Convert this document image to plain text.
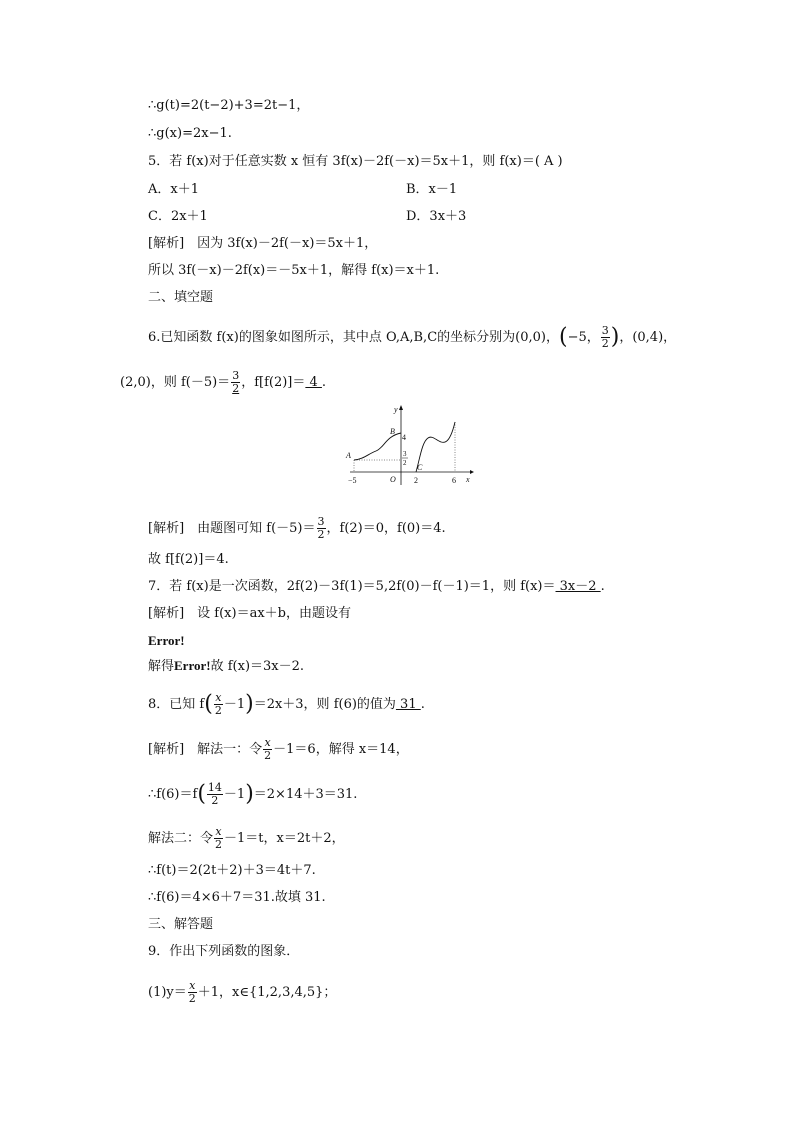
∴g(t)=2(t−2)+3=2t−1，
∴g(x)=2x−1.
5．若 f(x)对于任意实数 x 恒有 3f(x)－2f(－x)＝5x＋1，则 f(x)＝( A )
A．x＋1	B．x－1
C．2x＋1	D．3x＋3
[解析]　因为 3f(x)－2f(－x)＝5x＋1，
所以 3f(－x)－2f(x)＝－5x＋1，解得 f(x)＝x＋1.
二、填空题
6.已知函数 f(x)的图象如图所示，其中点 O,A,B,C的坐标分别为(0,0)，(−5， $\frac{3}{2}$ )，(0,4)，
(2,0)，则 $f(-5)= \frac{3}{2}$ ，f[f(2)]＝ 4 .
x
y
A
B
C
O
−5	2	6
4
3
2
[解析]　由题图可知 $f(-5)= \frac{3}{2}$ ，f(2)＝0，f(0)＝4.
故 f[f(2)]＝4.
7．若 f(x)是一次函数，2f(2)－3f(1)＝5,2f(0)－f(－1)＝1，则 f(x)＝ 3x－2 .
[解析]　设 f(x)＝ax＋b，由题设有
Error!
解得Error!故 f(x)＝3x－2.
8．已知 $f( \frac{x}{2} -1)=2x+3$，则 f(6)的值为 31 .
[解析]　解法一：令 $\frac{x}{2} -1=6$，解得 x＝14，
∴f(6)＝f( $\frac{14}{2} -1)=2\times 14+3=31$.
解法二：令 $\frac{x}{2} -1=t$，x＝2t＋2，
∴f(t)＝2(2t＋2)＋3＝4t＋7.
∴f(6)＝4×6＋7＝31.故填 31.
三、解答题
9．作出下列函数的图象．
$(1)y= \frac{x}{2} +1$，x∈{1,2,3,4,5}；
